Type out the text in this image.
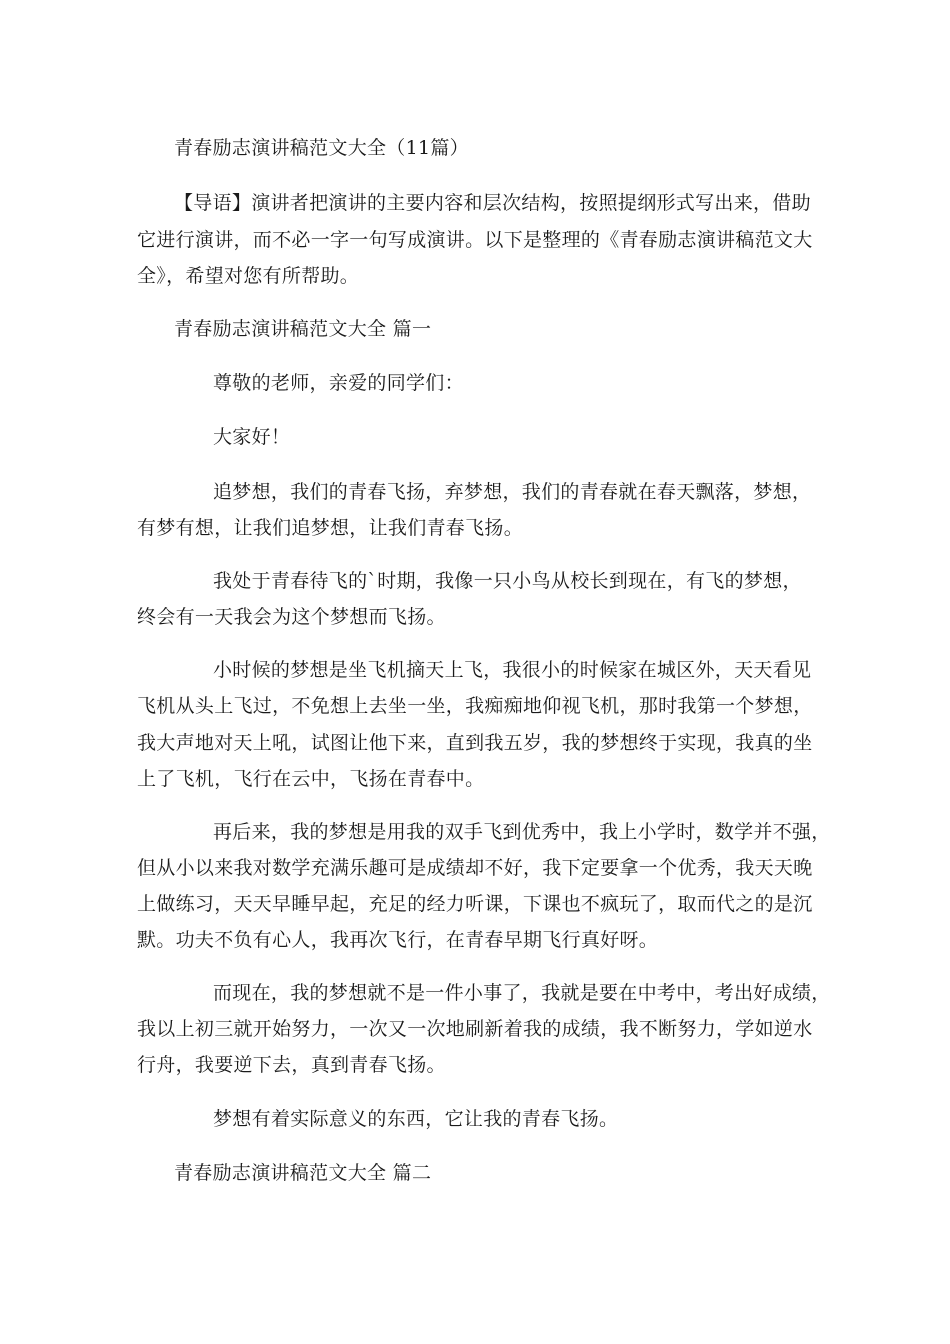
青春励志演讲稿范文大全（11篇）
【导语】演讲者把演讲的主要内容和层次结构，按照提纲形式写出来，借助
它进行演讲，而不必一字一句写成演讲。以下是整理的《青春励志演讲稿范文大
全》，希望对您有所帮助。
青春励志演讲稿范文大全 篇一
尊敬的老师，亲爱的同学们：
大家好！
追梦想，我们的青春飞扬，弃梦想，我们的青春就在春天飘落，梦想，
有梦有想，让我们追梦想，让我们青春飞扬。
我处于青春待飞的`时期，我像一只小鸟从校长到现在，有飞的梦想，
终会有一天我会为这个梦想而飞扬。
小时候的梦想是坐飞机摘天上飞，我很小的时候家在城区外，天天看见
飞机从头上飞过，不免想上去坐一坐，我痴痴地仰视飞机，那时我第一个梦想，
我大声地对天上吼，试图让他下来，直到我五岁，我的梦想终于实现，我真的坐
上了飞机，飞行在云中，飞扬在青春中。
再后来，我的梦想是用我的双手飞到优秀中，我上小学时，数学并不强，
但从小以来我对数学充满乐趣可是成绩却不好，我下定要拿一个优秀，我天天晚
上做练习，天天早睡早起，充足的经力听课，下课也不疯玩了，取而代之的是沉
默。功夫不负有心人，我再次飞行，在青春早期飞行真好呀。
而现在，我的梦想就不是一件小事了，我就是要在中考中，考出好成绩，
我以上初三就开始努力，一次又一次地刷新着我的成绩，我不断努力，学如逆水
行舟，我要逆下去，真到青春飞扬。
梦想有着实际意义的东西，它让我的青春飞扬。
青春励志演讲稿范文大全 篇二
